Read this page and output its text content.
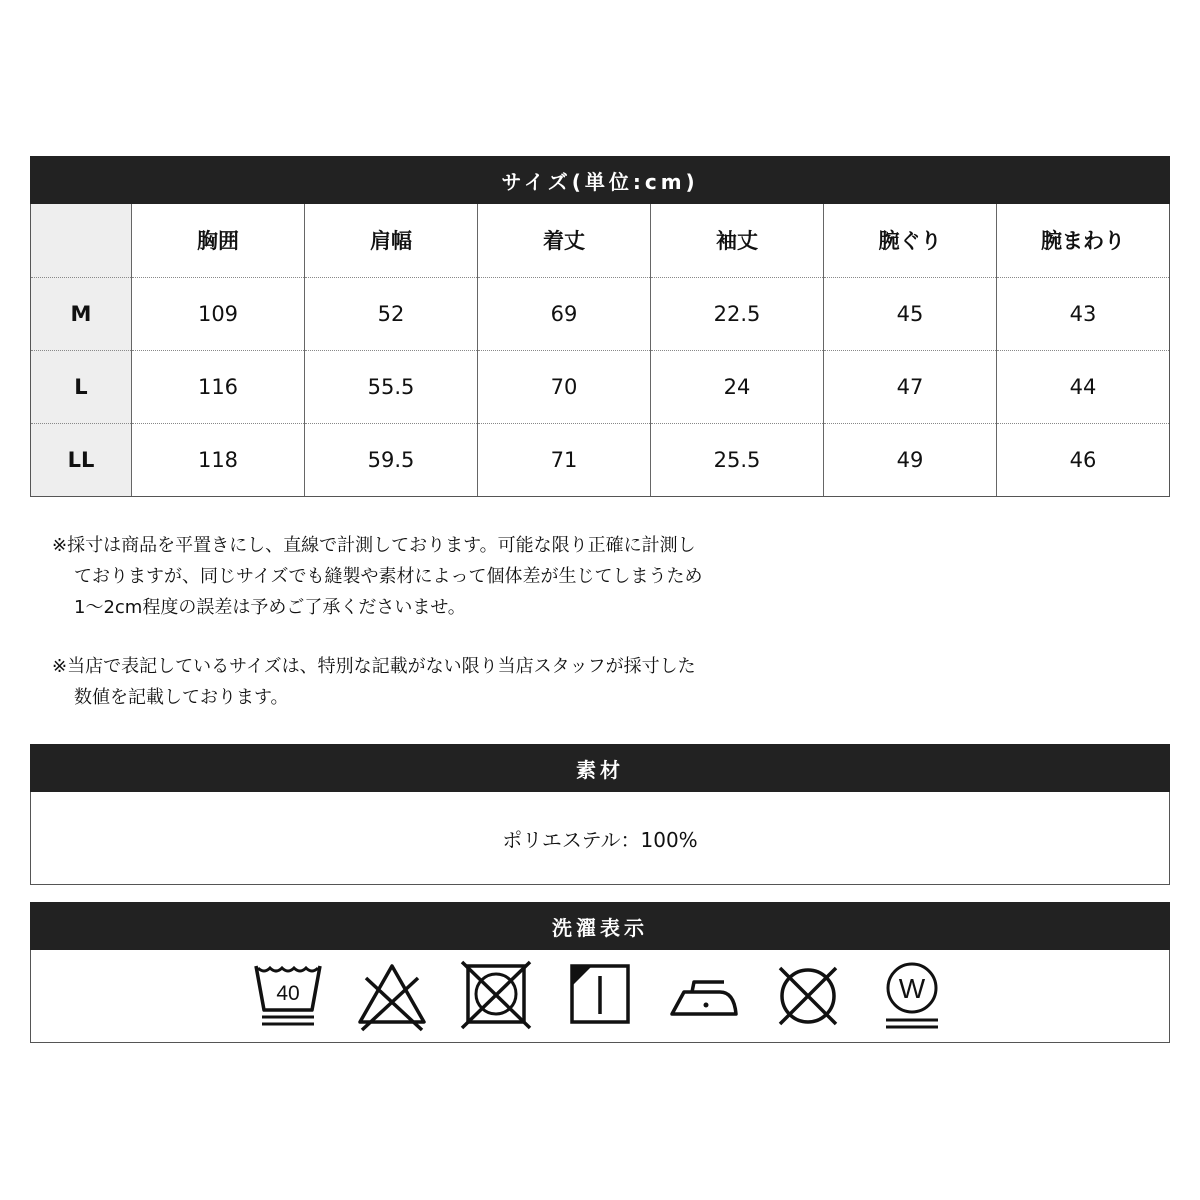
サイズ(単位:cm)
	胸囲	肩幅	着丈	袖丈	腕ぐり	腕まわり
M	109	52	69	22.5	45	43
L	116	55.5	70	24	47	44
LL	118	59.5	71	25.5	49	46
※採寸は商品を平置きにし、直線で計測しております。可能な限り正確に計測し
ておりますが、同じサイズでも縫製や素材によって個体差が生じてしまうため
1〜2cm程度の誤差は予めご了承くださいませ。
※当店で表記しているサイズは、特別な記載がない限り当店スタッフが採寸した
数値を記載しております。
素材
ポリエステル：100%
洗濯表示
40	W
